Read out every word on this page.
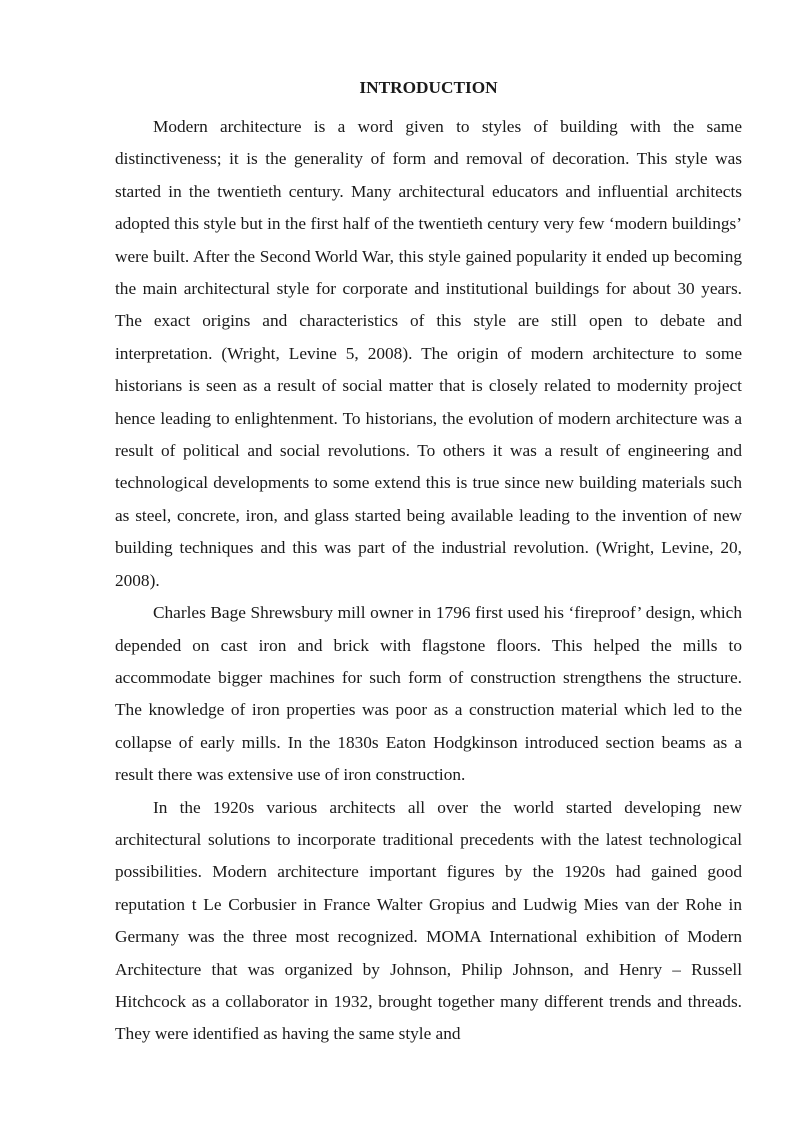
INTRODUCTION

Modern architecture is a word given to styles of building with the same distinctiveness; it is the generality of form and removal of decoration. This style was started in the twentieth century. Many architectural educators and influential architects adopted this style but in the first half of the twentieth century very few ‘modern buildings’ were built. After the Second World War, this style gained popularity it ended up becoming the main architectural style for corporate and institutional buildings for about 30 years. The exact origins and characteristics of this style are still open to debate and interpretation. (Wright, Levine 5, 2008). The origin of modern architecture to some historians is seen as a result of social matter that is closely related to modernity project hence leading to enlightenment. To historians, the evolution of modern architecture was a result of political and social revolutions. To others it was a result of engineering and technological developments to some extend this is true since new building materials such as steel, concrete, iron, and glass started being available leading to the invention of new building techniques and this was part of the industrial revolution. (Wright, Levine, 20, 2008).

Charles Bage Shrewsbury mill owner in 1796 first used his ‘fireproof’ design, which depended on cast iron and brick with flagstone floors. This helped the mills to accommodate bigger machines for such form of construction strengthens the structure. The knowledge of iron properties was poor as a construction material which led to the collapse of early mills. In the 1830s Eaton Hodgkinson introduced section beams as a result there was extensive use of iron construction.

In the 1920s various architects all over the world started developing new architectural solutions to incorporate traditional precedents with the latest technological possibilities. Modern architecture important figures by the 1920s had gained good reputation t Le Corbusier in France Walter Gropius and Ludwig Mies van der Rohe in Germany was the three most recognized. MOMA International exhibition of Modern Architecture that was organized by Johnson, Philip Johnson, and Henry – Russell Hitchcock as a collaborator in 1932, brought together many different trends and threads. They were identified as having the same style and
